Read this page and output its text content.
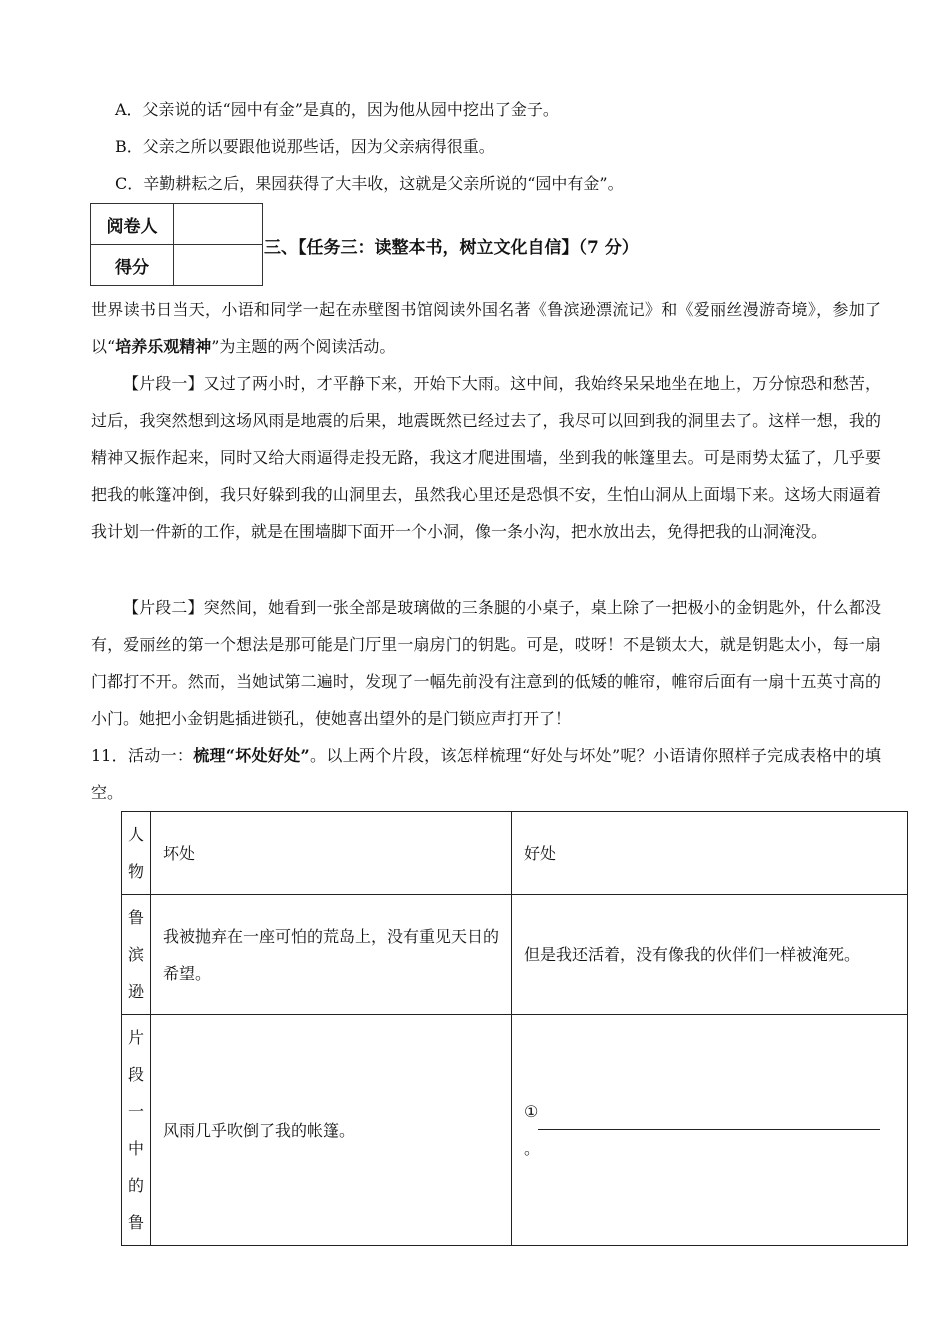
A．父亲说的话“园中有金”是真的，因为他从园中挖出了金子。
B．父亲之所以要跟他说那些话，因为父亲病得很重。
C．辛勤耕耘之后，果园获得了大丰收，这就是父亲所说的“园中有金”。
阅卷人	
得分	
三、【任务三：读整本书，树立文化自信】（7 分）

世界读书日当天，小语和同学一起在赤壁图书馆阅读外国名著《鲁滨逊漂流记》和《爱丽丝漫游奇境》，参加了以“培养乐观精神”为主题的两个阅读活动。

【片段一】又过了两小时，才平静下来，开始下大雨。这中间，我始终呆呆地坐在地上，万分惊恐和愁苦，过后，我突然想到这场风雨是地震的后果，地震既然已经过去了，我尽可以回到我的洞里去了。这样一想，我的精神又振作起来，同时又给大雨逼得走投无路，我这才爬进围墙，坐到我的帐篷里去。可是雨势太猛了，几乎要把我的帐篷冲倒，我只好躲到我的山洞里去，虽然我心里还是恐惧不安，生怕山洞从上面塌下来。这场大雨逼着我计划一件新的工作，就是在围墙脚下面开一个小洞，像一条小沟，把水放出去，免得把我的山洞淹没。

【片段二】突然间，她看到一张全部是玻璃做的三条腿的小桌子，桌上除了一把极小的金钥匙外，什么都没有，爱丽丝的第一个想法是那可能是门厅里一扇房门的钥匙。可是，哎呀！不是锁太大，就是钥匙太小，每一扇门都打不开。然而，当她试第二遍时，发现了一幅先前没有注意到的低矮的帷帘，帷帘后面有一扇十五英寸高的小门。她把小金钥匙插进锁孔，使她喜出望外的是门锁应声打开了！

11．活动一：梳理“坏处好处”。以上两个片段，该怎样梳理“好处与坏处”呢？小语请你照样子完成表格中的填空。

人物	坏处	好处
鲁滨逊	我被抛弃在一座可怕的荒岛上，没有重见天日的希望。	但是我还活着，没有像我的伙伴们一样被淹死。
片段一中的鲁	风雨几乎吹倒了我的帐篷。	①
。
